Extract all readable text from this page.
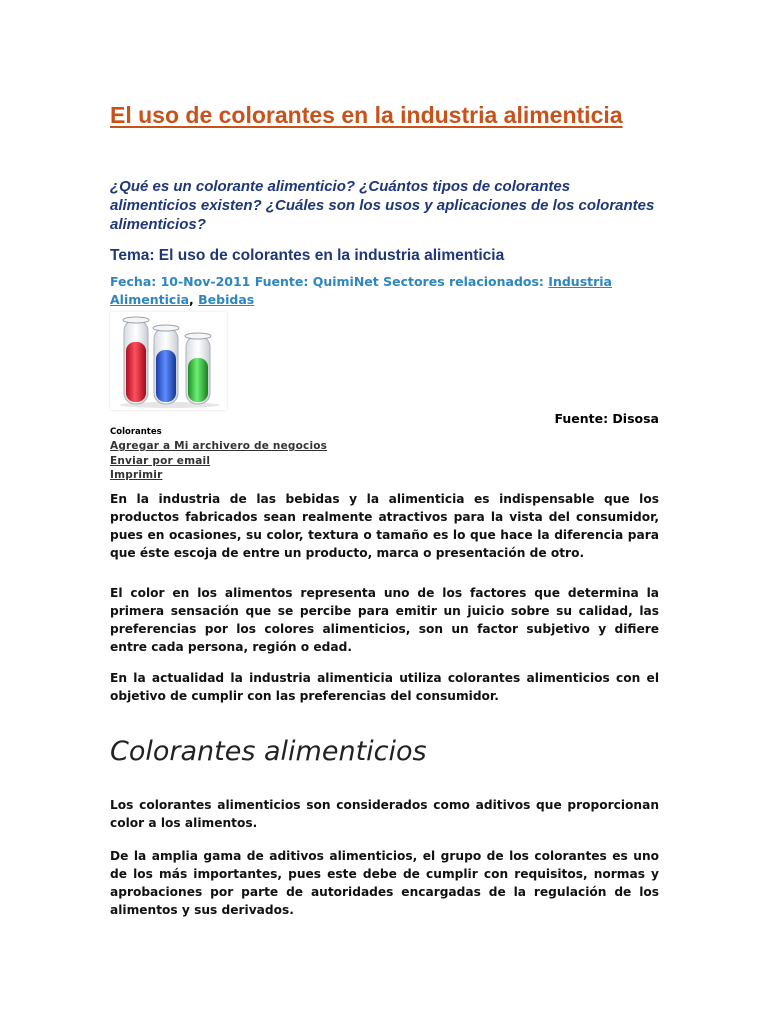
El uso de colorantes en la industria alimenticia

¿Qué es un colorante alimenticio? ¿Cuántos tipos de colorantes alimenticios existen? ¿Cuáles son los usos y aplicaciones de los colorantes alimenticios?

Tema: El uso de colorantes en la industria alimenticia

Fecha: 10-Nov-2011 Fuente: QuimiNet Sectores relacionados: Industria Alimenticia, Bebidas

Fuente: Disosa

Colorantes

Agregar a Mi archivero de negocios
Enviar por email
Imprimir

En la industria de las bebidas y la alimenticia es indispensable que los productos fabricados sean realmente atractivos para la vista del consumidor, pues en ocasiones, su color, textura o tamaño es lo que hace la diferencia para que éste escoja de entre un producto, marca o presentación de otro.

El color en los alimentos representa uno de los factores que determina la primera sensación que se percibe para emitir un juicio sobre su calidad, las preferencias por los colores alimenticios, son un factor subjetivo y difiere entre cada persona, región o edad.

En la actualidad la industria alimenticia utiliza colorantes alimenticios con el objetivo de cumplir con las preferencias del consumidor.

Colorantes alimenticios

Los colorantes alimenticios son considerados como aditivos que proporcionan color a los alimentos.

De la amplia gama de aditivos alimenticios, el grupo de los colorantes es uno de los más importantes, pues este debe de cumplir con requisitos, normas y aprobaciones por parte de autoridades encargadas de la regulación de los alimentos y sus derivados.
